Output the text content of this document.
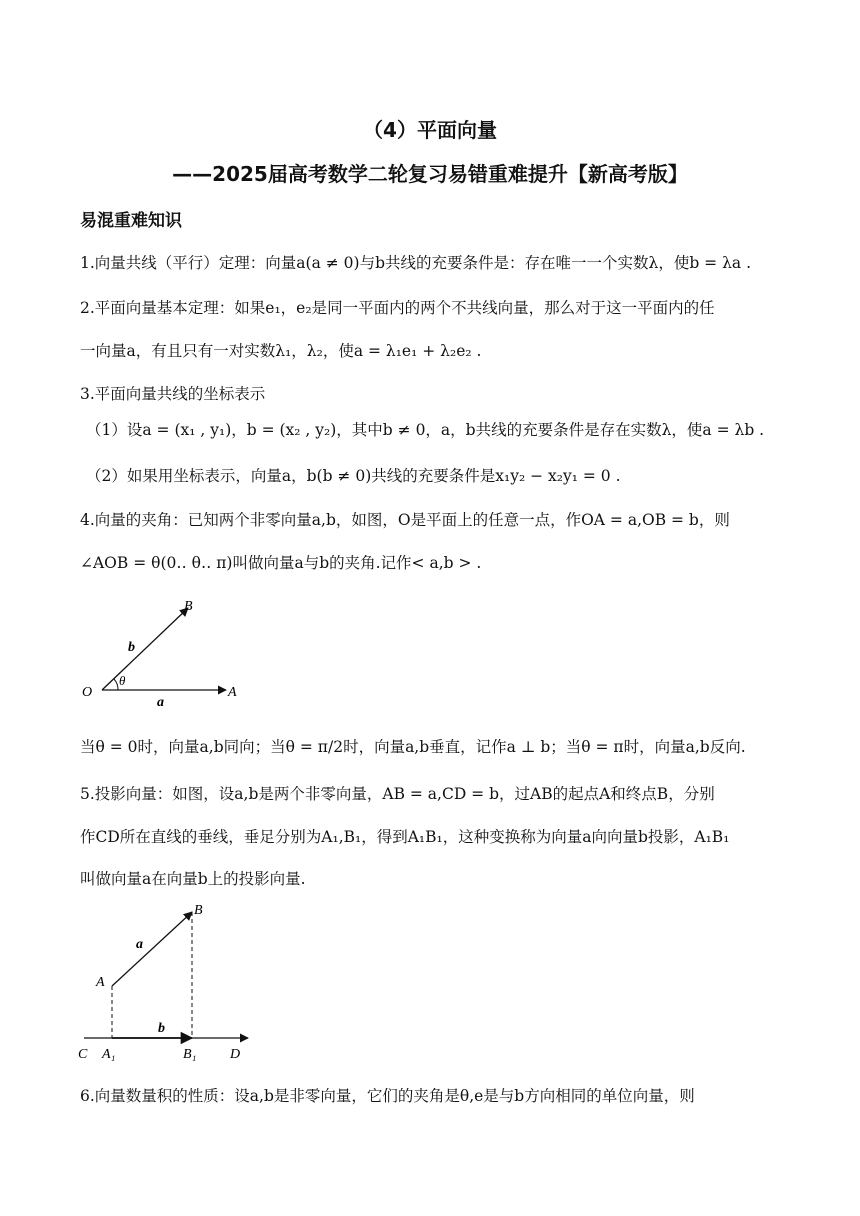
（4）平面向量
——2025届高考数学二轮复习易错重难提升【新高考版】
易混重难知识
1.向量共线（平行）定理：向量a(a ≠ 0)与b共线的充要条件是：存在唯一一个实数λ，使b = λa .
2.平面向量基本定理：如果e₁，e₂是同一平面内的两个不共线向量，那么对于这一平面内的任
一向量a，有且只有一对实数λ₁，λ₂，使a = λ₁e₁ + λ₂e₂ .
3.平面向量共线的坐标表示
（1）设a = (x₁ , y₁)，b = (x₂ , y₂)，其中b ≠ 0，a，b共线的充要条件是存在实数λ，使a = λb .
（2）如果用坐标表示，向量a，b(b ≠ 0)共线的充要条件是x₁y₂ − x₂y₁ = 0 .
4.向量的夹角：已知两个非零向量a,b，如图，O是平面上的任意一点，作OA = a,OB = b，则
∠AOB = θ(0‥ θ‥ π)叫做向量a与b的夹角.记作< a,b > .
B
b
O
θ
A
a
当θ = 0时，向量a,b同向；当θ = π/2时，向量a,b垂直，记作a ⊥ b；当θ = π时，向量a,b反向.
5.投影向量：如图，设a,b是两个非零向量，AB = a,CD = b，过AB的起点A和终点B，分别
作CD所在直线的垂线，垂足分别为A₁,B₁，得到A₁B₁，这种变换称为向量a向向量b投影，A₁B₁
叫做向量a在向量b上的投影向量.
B
a
A
b
C A₁	B₁ D
6.向量数量积的性质：设a,b是非零向量，它们的夹角是θ,e是与b方向相同的单位向量，则
